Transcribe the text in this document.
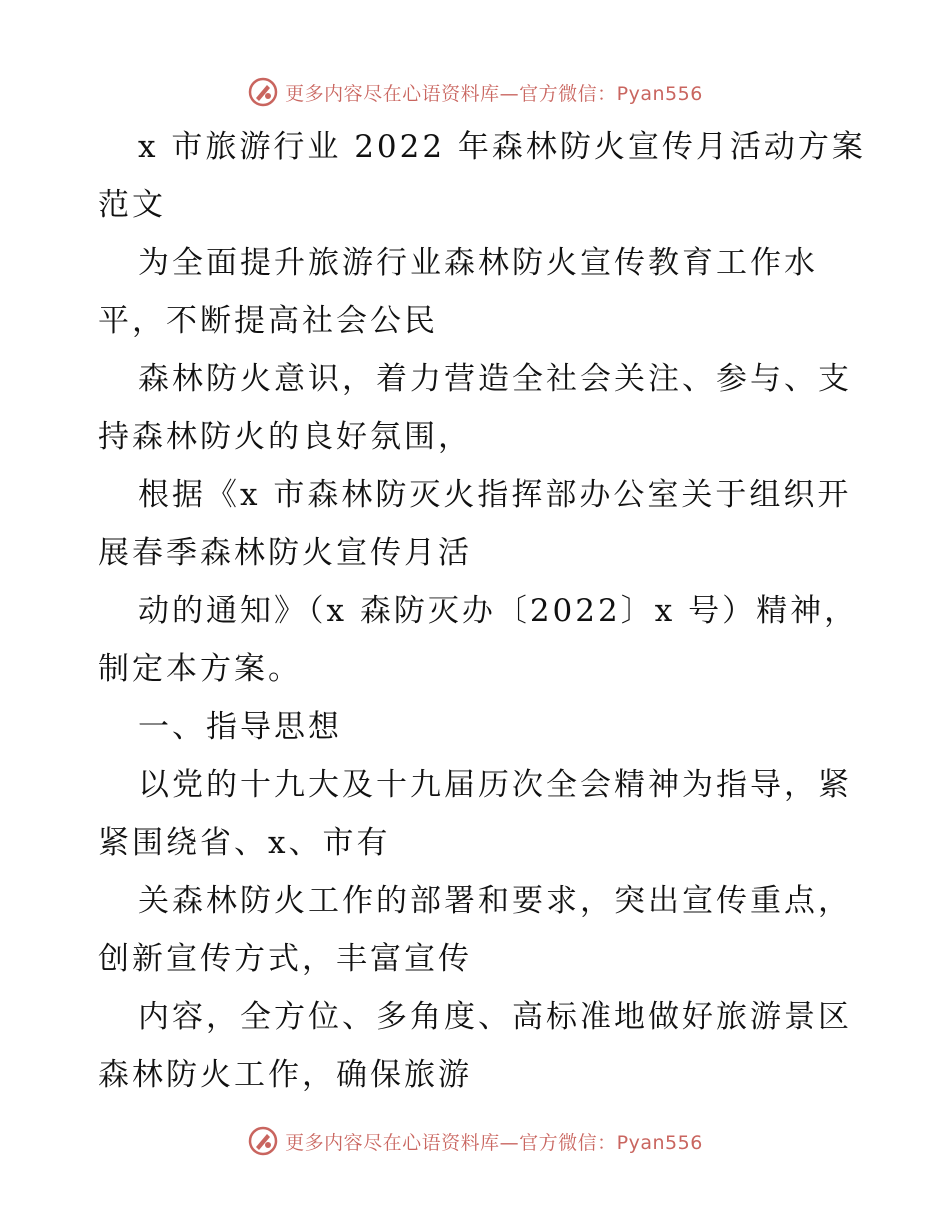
更多内容尽在心语资料库—官方微信：Pyan556
x 市旅游行业 2022 年森林防火宣传月活动方案
范文
为全面提升旅游行业森林防火宣传教育工作水
平，不断提高社会公民
森林防火意识，着力营造全社会关注、参与、支
持森林防火的良好氛围，
根据《x 市森林防灭火指挥部办公室关于组织开
展春季森林防火宣传月活
动的通知》（x 森防灭办〔2022〕x 号）精神，
制定本方案。
一、指导思想
以党的十九大及十九届历次全会精神为指导，紧
紧围绕省、x、市有
关森林防火工作的部署和要求，突出宣传重点，
创新宣传方式，丰富宣传
内容，全方位、多角度、高标准地做好旅游景区
森林防火工作，确保旅游
更多内容尽在心语资料库—官方微信：Pyan556
